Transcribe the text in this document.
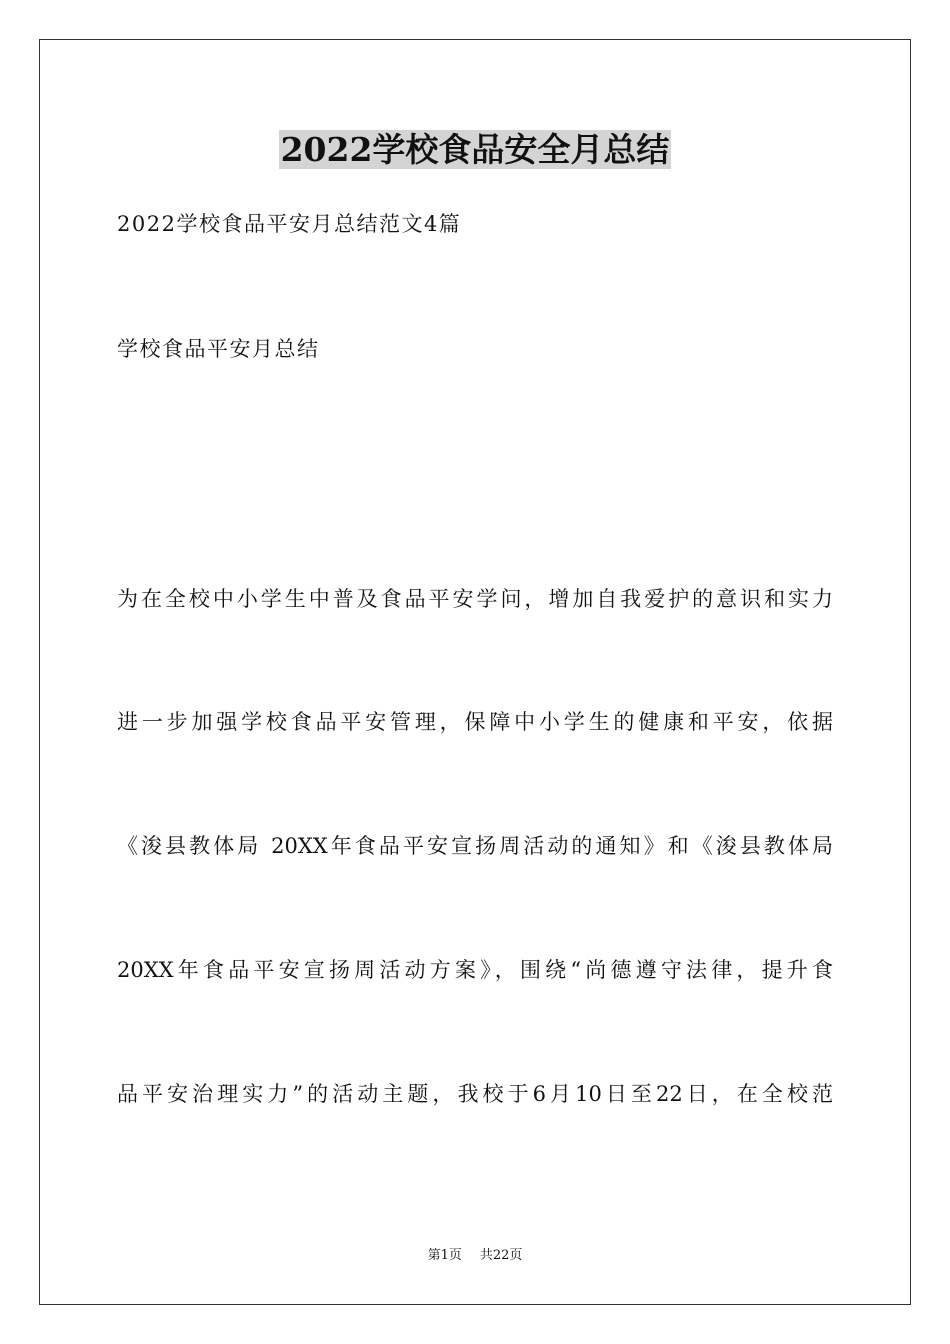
2022学校食品安全月总结
2022学校食品平安月总结范文4篇
学校食品平安月总结
为在全校中小学生中普及食品平安学问，增加自我爱护的意识和实力
进一步加强学校食品平安管理，保障中小学生的健康和平安，依据
《浚县教体局 20XX年食品平安宣扬周活动的通知》和《浚县教体局
20XX年食品平安宣扬周活动方案》，围绕“尚德遵守法律，提升食
品平安治理实力”的活动主题，我校于6月10日至22日，在全校范
第1页 共22页
